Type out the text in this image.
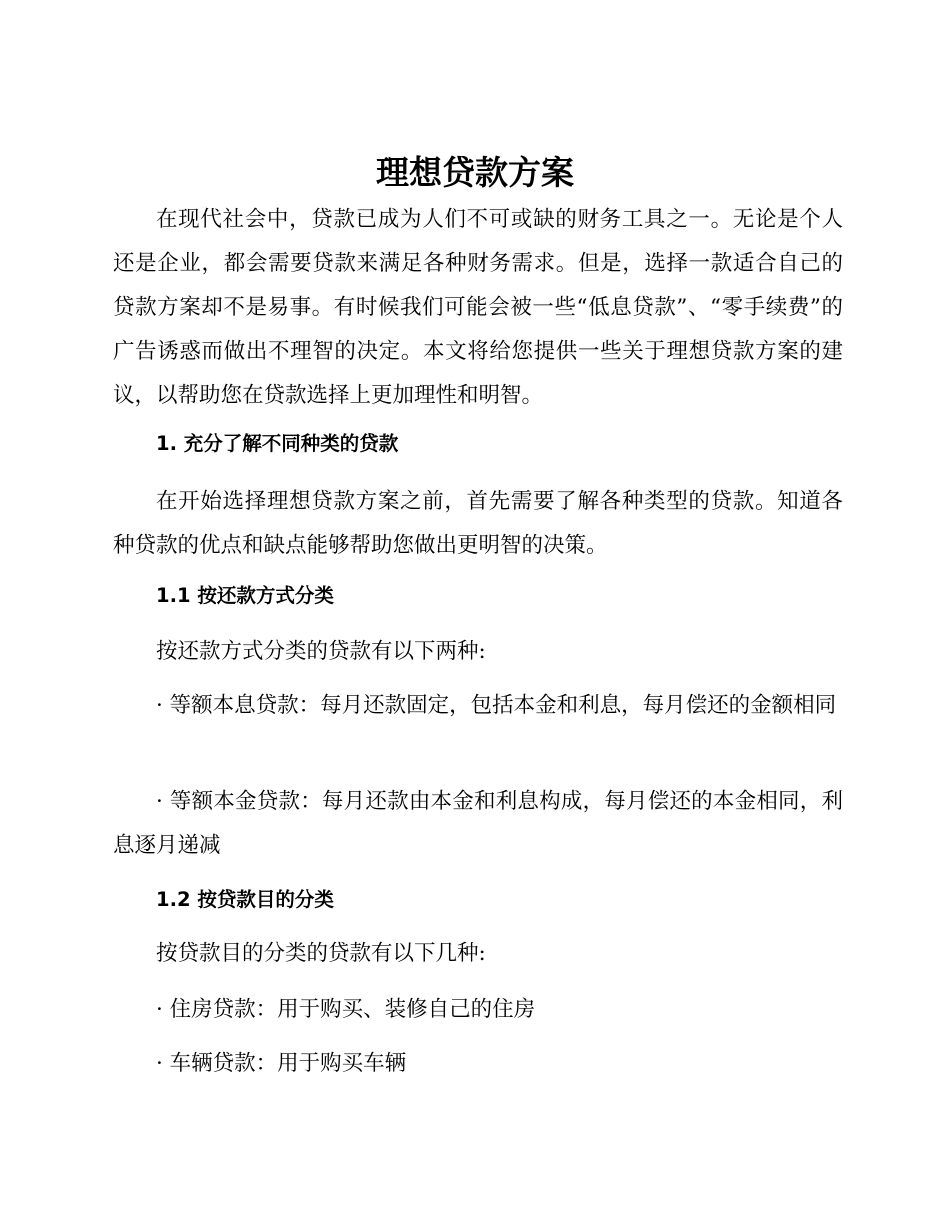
理想贷款方案

在现代社会中，贷款已成为人们不可或缺的财务工具之一。无论是个人还是企业，都会需要贷款来满足各种财务需求。但是，选择一款适合自己的贷款方案却不是易事。有时候我们可能会被一些“低息贷款”、“零手续费”的广告诱惑而做出不理智的决定。本文将给您提供一些关于理想贷款方案的建议，以帮助您在贷款选择上更加理性和明智。

1. 充分了解不同种类的贷款

在开始选择理想贷款方案之前，首先需要了解各种类型的贷款。知道各种贷款的优点和缺点能够帮助您做出更明智的决策。

1.1 按还款方式分类

按还款方式分类的贷款有以下两种:

· 等额本息贷款：每月还款固定，包括本金和利息，每月偿还的金额相同

· 等额本金贷款：每月还款由本金和利息构成，每月偿还的本金相同，利息逐月递减

1.2 按贷款目的分类

按贷款目的分类的贷款有以下几种:

· 住房贷款：用于购买、装修自己的住房

· 车辆贷款：用于购买车辆
